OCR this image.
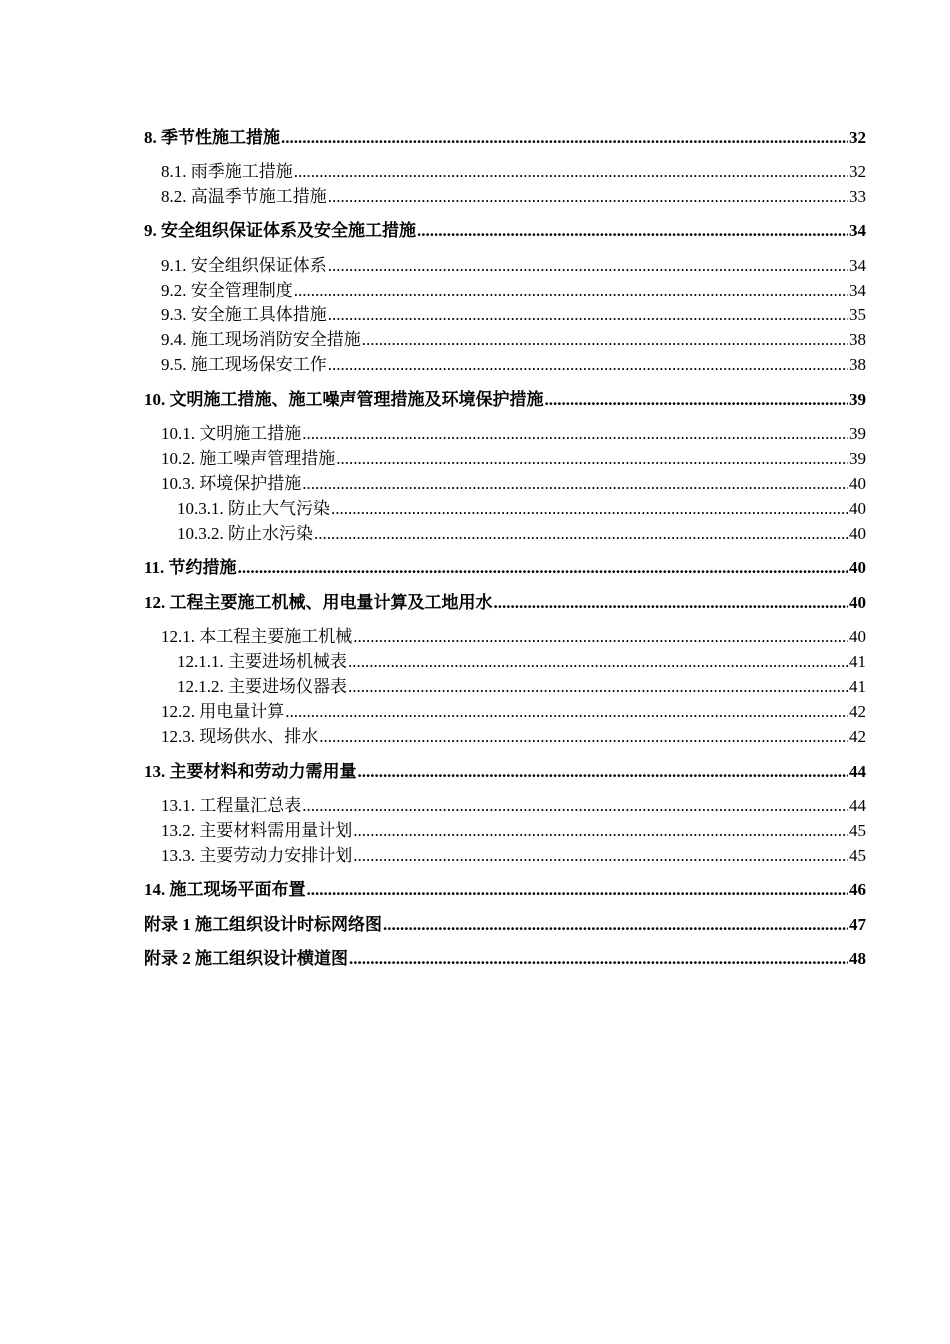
8. 季节性施工措施 .....	32
8.1. 雨季施工措施 .....	32
8.2. 高温季节施工措施 .....	33
9. 安全组织保证体系及安全施工措施 .....	34
9.1. 安全组织保证体系 .....	34
9.2. 安全管理制度 .....	34
9.3. 安全施工具体措施 .....	35
9.4. 施工现场消防安全措施 .....	38
9.5. 施工现场保安工作 .....	38
10. 文明施工措施、施工噪声管理措施及环境保护措施 .....	39
10.1. 文明施工措施 .....	39
10.2. 施工噪声管理措施 .....	39
10.3. 环境保护措施 .....	40
10.3.1. 防止大气污染 .....	40
10.3.2. 防止水污染 .....	40
11. 节约措施 .....	40
12. 工程主要施工机械、用电量计算及工地用水 .....	40
12.1. 本工程主要施工机械 .....	40
12.1.1. 主要进场机械表 .....	41
12.1.2. 主要进场仪器表 .....	41
12.2. 用电量计算 .....	42
12.3. 现场供水、排水 .....	42
13. 主要材料和劳动力需用量 .....	44
13.1. 工程量汇总表 .....	44
13.2. 主要材料需用量计划 .....	45
13.3. 主要劳动力安排计划 .....	45
14. 施工现场平面布置 .....	46
附录 1 施工组织设计时标网络图 .....	47
附录 2 施工组织设计横道图 .....	48
